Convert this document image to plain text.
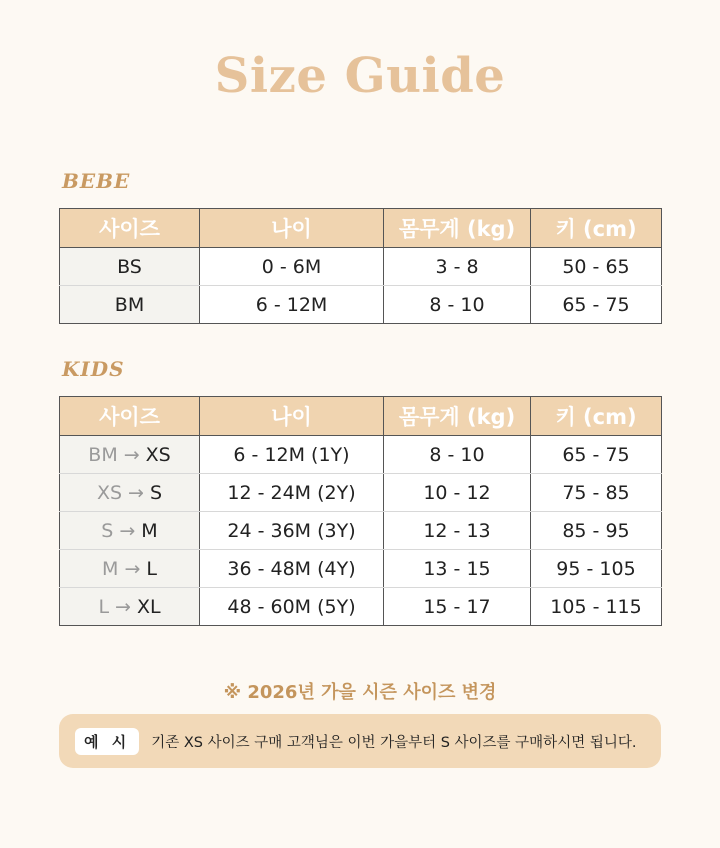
Size Guide
BEBE
사이즈	나이	몸무게 (kg)	키 (cm)
BS	0 - 6M	3 - 8	50 - 65
BM	6 - 12M	8 - 10	65 - 75
KIDS
사이즈	나이	몸무게 (kg)	키 (cm)
BM → XS	6 - 12M (1Y)	8 - 10	65 - 75
XS → S	12 - 24M (2Y)	10 - 12	75 - 85
S → M	24 - 36M (3Y)	12 - 13	85 - 95
M → L	36 - 48M (4Y)	13 - 15	95 - 105
L → XL	48 - 60M (5Y)	15 - 17	105 - 115
※ 2026년 가을 시즌 사이즈 변경
예 시	기존 XS 사이즈 구매 고객님은 이번 가을부터 S 사이즈를 구매하시면 됩니다.
